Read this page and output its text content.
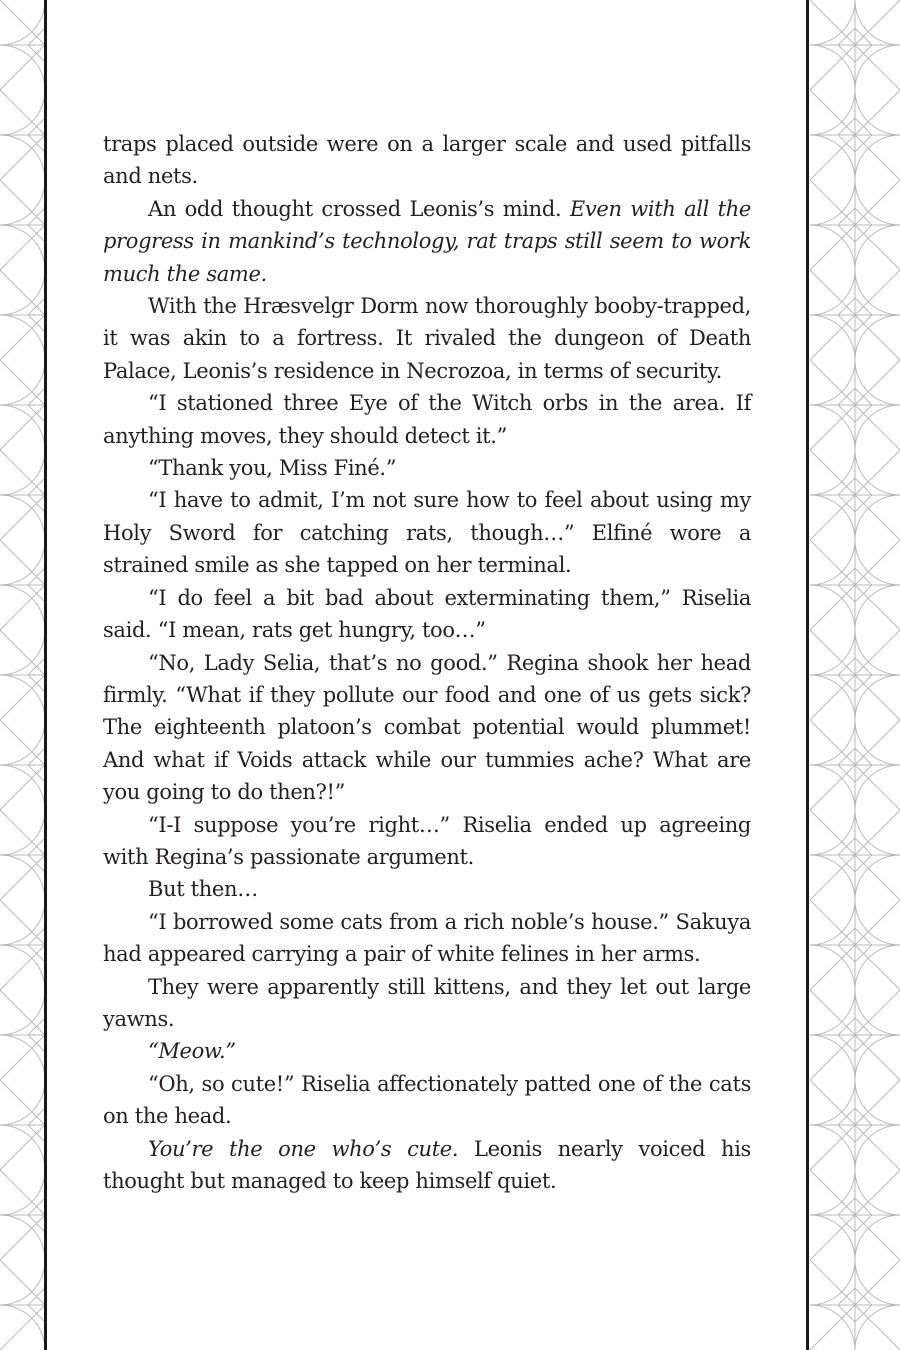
traps placed outside were on a larger scale and used pitfalls and nets.

An odd thought crossed Leonis’s mind. Even with all the progress in mankind’s technology, rat traps still seem to work much the same.

With the Hræsvelgr Dorm now thoroughly booby-trapped, it was akin to a fortress. It rivaled the dungeon of Death Palace, Leonis’s residence in Necrozoa, in terms of security.

“I stationed three Eye of the Witch orbs in the area. If anything moves, they should detect it.”

“Thank you, Miss Finé.”

“I have to admit, I’m not sure how to feel about using my Holy Sword for catching rats, though…” Elfiné wore a strained smile as she tapped on her terminal.

“I do feel a bit bad about exterminating them,” Riselia said. “I mean, rats get hungry, too…”

“No, Lady Selia, that’s no good.” Regina shook her head firmly. “What if they pollute our food and one of us gets sick? The eighteenth platoon’s combat potential would plummet! And what if Voids attack while our tummies ache? What are you going to do then?!”

“I-I suppose you’re right…” Riselia ended up agreeing with Regina’s passionate argument.

But then…

“I borrowed some cats from a rich noble’s house.” Sakuya had appeared carrying a pair of white felines in her arms.

They were apparently still kittens, and they let out large yawns.

“Meow.”

“Oh, so cute!” Riselia affectionately patted one of the cats on the head.

You’re the one who’s cute. Leonis nearly voiced his thought but managed to keep himself quiet.
